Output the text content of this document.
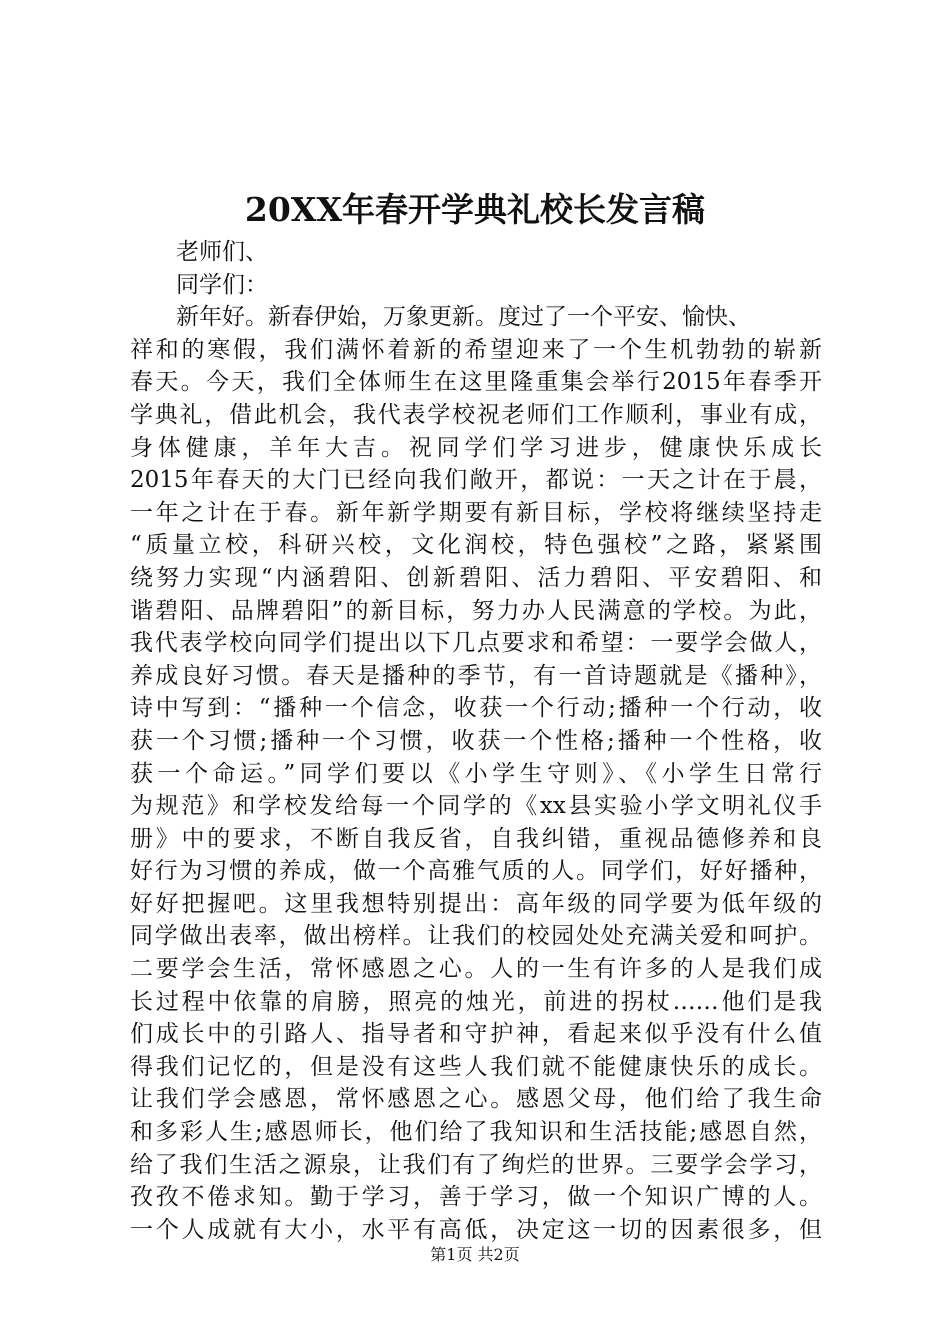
20XX年春开学典礼校长发言稿
老师们、
同学们：
新年好。新春伊始，万象更新。度过了一个平安、愉快、
祥和的寒假，我们满怀着新的希望迎来了一个生机勃勃的崭新
春天。今天，我们全体师生在这里隆重集会举行2015年春季开
学典礼，借此机会，我代表学校祝老师们工作顺利，事业有成，
身体健康，羊年大吉。祝同学们学习进步，健康快乐成长
2015年春天的大门已经向我们敞开，都说：一天之计在于晨，
一年之计在于春。新年新学期要有新目标，学校将继续坚持走
“质量立校，科研兴校，文化润校，特色强校”之路，紧紧围
绕努力实现“内涵碧阳、创新碧阳、活力碧阳、平安碧阳、和
谐碧阳、品牌碧阳”的新目标，努力办人民满意的学校。为此，
我代表学校向同学们提出以下几点要求和希望：一要学会做人，
养成良好习惯。春天是播种的季节，有一首诗题就是《播种》，
诗中写到：“播种一个信念，收获一个行动;播种一个行动，收
获一个习惯;播种一个习惯，收获一个性格;播种一个性格，收
获一个命运。”同学们要以《小学生守则》、《小学生日常行
为规范》和学校发给每一个同学的《xx县实验小学文明礼仪手
册》中的要求，不断自我反省，自我纠错，重视品德修养和良
好行为习惯的养成，做一个高雅气质的人。同学们，好好播种，
好好把握吧。这里我想特别提出：高年级的同学要为低年级的
同学做出表率，做出榜样。让我们的校园处处充满关爱和呵护。
二要学会生活，常怀感恩之心。人的一生有许多的人是我们成
长过程中依靠的肩膀，照亮的烛光，前进的拐杖……他们是我
们成长中的引路人、指导者和守护神，看起来似乎没有什么值
得我们记忆的，但是没有这些人我们就不能健康快乐的成长。
让我们学会感恩，常怀感恩之心。感恩父母，他们给了我生命
和多彩人生;感恩师长，他们给了我知识和生活技能;感恩自然，
给了我们生活之源泉，让我们有了绚烂的世界。三要学会学习，
孜孜不倦求知。勤于学习，善于学习，做一个知识广博的人。
一个人成就有大小，水平有高低，决定这一切的因素很多，但
第1页 共2页
